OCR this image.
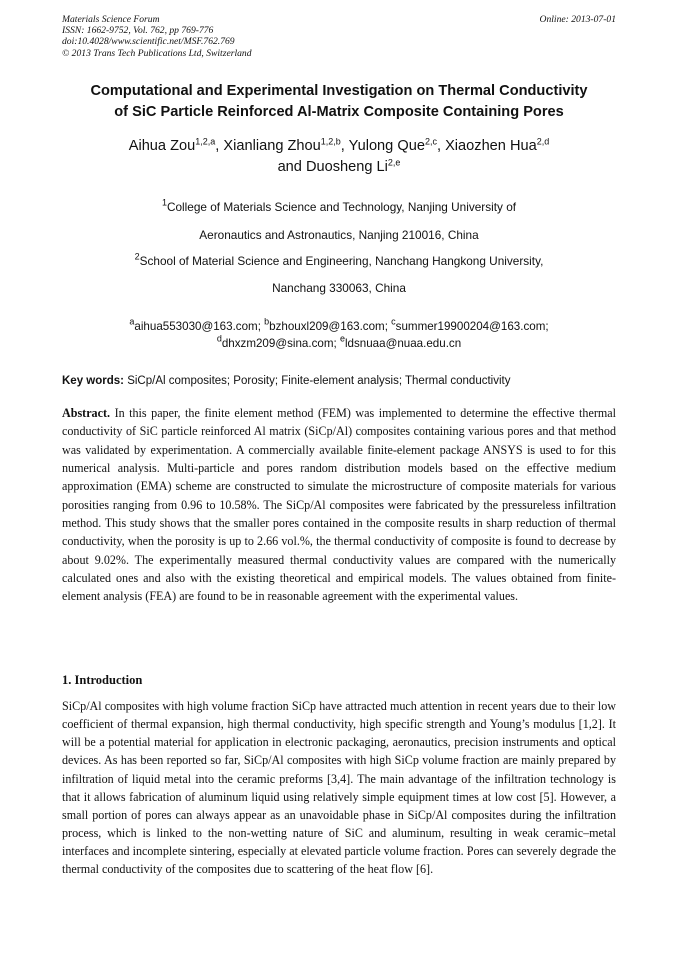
Materials Science Forum
ISSN: 1662-9752, Vol. 762, pp 769-776
doi:10.4028/www.scientific.net/MSF.762.769
© 2013 Trans Tech Publications Ltd, Switzerland
Online: 2013-07-01
Computational and Experimental Investigation on Thermal Conductivity
of SiC Particle Reinforced Al-Matrix Composite Containing Pores
Aihua Zou$^{1,2,a}$, Xianliang Zhou$^{1,2,b}$, Yulong Que$^{2,c}$, Xiaozhen Hua$^{2,d}$
and Duosheng Li$^{2,e}$
$^1$College of Materials Science and Technology, Nanjing University of
Aeronautics and Astronautics, Nanjing 210016, China
$^2$School of Material Science and Engineering, Nanchang Hangkong University,
Nanchang 330063, China
$^a$aihua553030@163.com; $^b$bzhouxl209@163.com; $^c$summer19900204@163.com;
$^d$dhxzm209@sina.com; $^e$ldsnuaa@nuaa.edu.cn
Key words: SiCp/Al composites; Porosity; Finite-element analysis; Thermal conductivity
Abstract. In this paper, the finite element method (FEM) was implemented to determine the effective thermal conductivity of SiC particle reinforced Al matrix (SiCp/Al) composites containing various pores and that method was validated by experimentation. A commercially available finite-element package ANSYS is used to for this numerical analysis. Multi-particle and pores random distribution models based on the effective medium approximation (EMA) scheme are constructed to simulate the microstructure of composite materials for various porosities ranging from 0.96 to 10.58%. The SiCp/Al composites were fabricated by the pressureless infiltration method. This study shows that the smaller pores contained in the composite results in sharp reduction of thermal conductivity, when the porosity is up to 2.66 vol.%, the thermal conductivity of composite is found to decrease by about 9.02%. The experimentally measured thermal conductivity values are compared with the numerically calculated ones and also with the existing theoretical and empirical models. The values obtained from finite-element analysis (FEA) are found to be in reasonable agreement with the experimental values.
1. Introduction
SiCp/Al composites with high volume fraction SiCp have attracted much attention in recent years due to their low coefficient of thermal expansion, high thermal conductivity, high specific strength and Young’s modulus [1,2]. It will be a potential material for application in electronic packaging, aeronautics, precision instruments and optical devices. As has been reported so far, SiCp/Al composites with high SiCp volume fraction are mainly prepared by infiltration of liquid metal into the ceramic preforms [3,4]. The main advantage of the infiltration technology is that it allows fabrication of aluminum liquid using relatively simple equipment times at low cost [5]. However, a small portion of pores can always appear as an unavoidable phase in SiCp/Al composites during the infiltration process, which is linked to the non-wetting nature of SiC and aluminum, resulting in weak ceramic–metal interfaces and incomplete sintering, especially at elevated particle volume fraction. Pores can severely degrade the thermal conductivity of the composites due to scattering of the heat flow [6].
